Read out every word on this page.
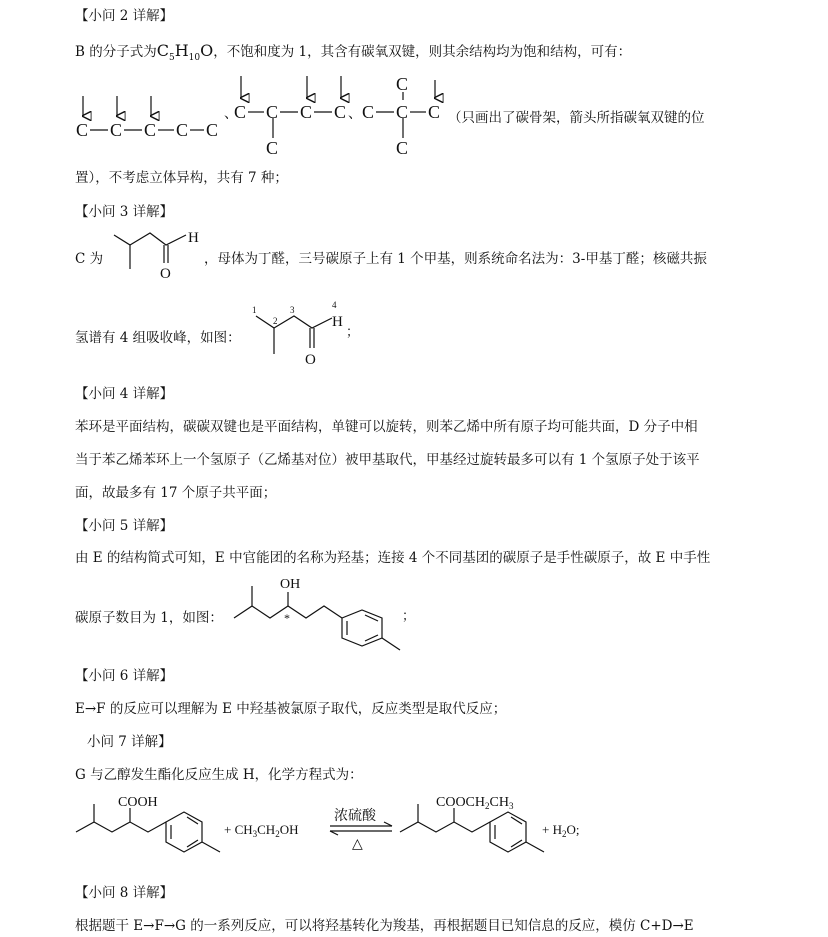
【小问 2 详解】
B 的分子式为$C_5H_{10}O$，不饱和度为 1，其含有碳氧双键，则其余结构均为饱和结构，可有：
C C C C C
、
C C C C
C
、 C C C
C
C
（只画出了碳骨架，箭头所指碳氧双键的位
置），不考虑立体异构，共有 7 种；
【小问 3 详解】
C 为
O
H
，母体为丁醛，三号碳原子上有 1 个甲基，则系统命名法为：3-甲基丁醛；核磁共振
氢谱有 4 组吸收峰，如图：
O
H
1
2
3	4
；
【小问 4 详解】
苯环是平面结构，碳碳双键也是平面结构，单键可以旋转，则苯乙烯中所有原子均可能共面，D 分子中相
当于苯乙烯苯环上一个氢原子（乙烯基对位）被甲基取代，甲基经过旋转最多可以有 1 个氢原子处于该平
面，故最多有 17 个原子共平面；
【小问 5 详解】
由 E 的结构简式可知，E 中官能团的名称为羟基；连接 4 个不同基团的碳原子是手性碳原子，故 E 中手性
碳原子数目为 1，如图：
OH
*	；
【小问 6 详解】
E→F 的反应可以理解为 E 中羟基被氯原子取代，反应类型是取代反应；
小问 7 详解】
G 与乙醇发生酯化反应生成 H，化学方程式为：
COOH
+ $CH_3CH_2OH$
浓硫酸
△
$COOCH_2CH_3$
+ $H_2O$;
【小问 8 详解】
根据题干 E→F→G 的一系列反应，可以将羟基转化为羧基，再根据题目已知信息的反应，模仿 C+D→E
